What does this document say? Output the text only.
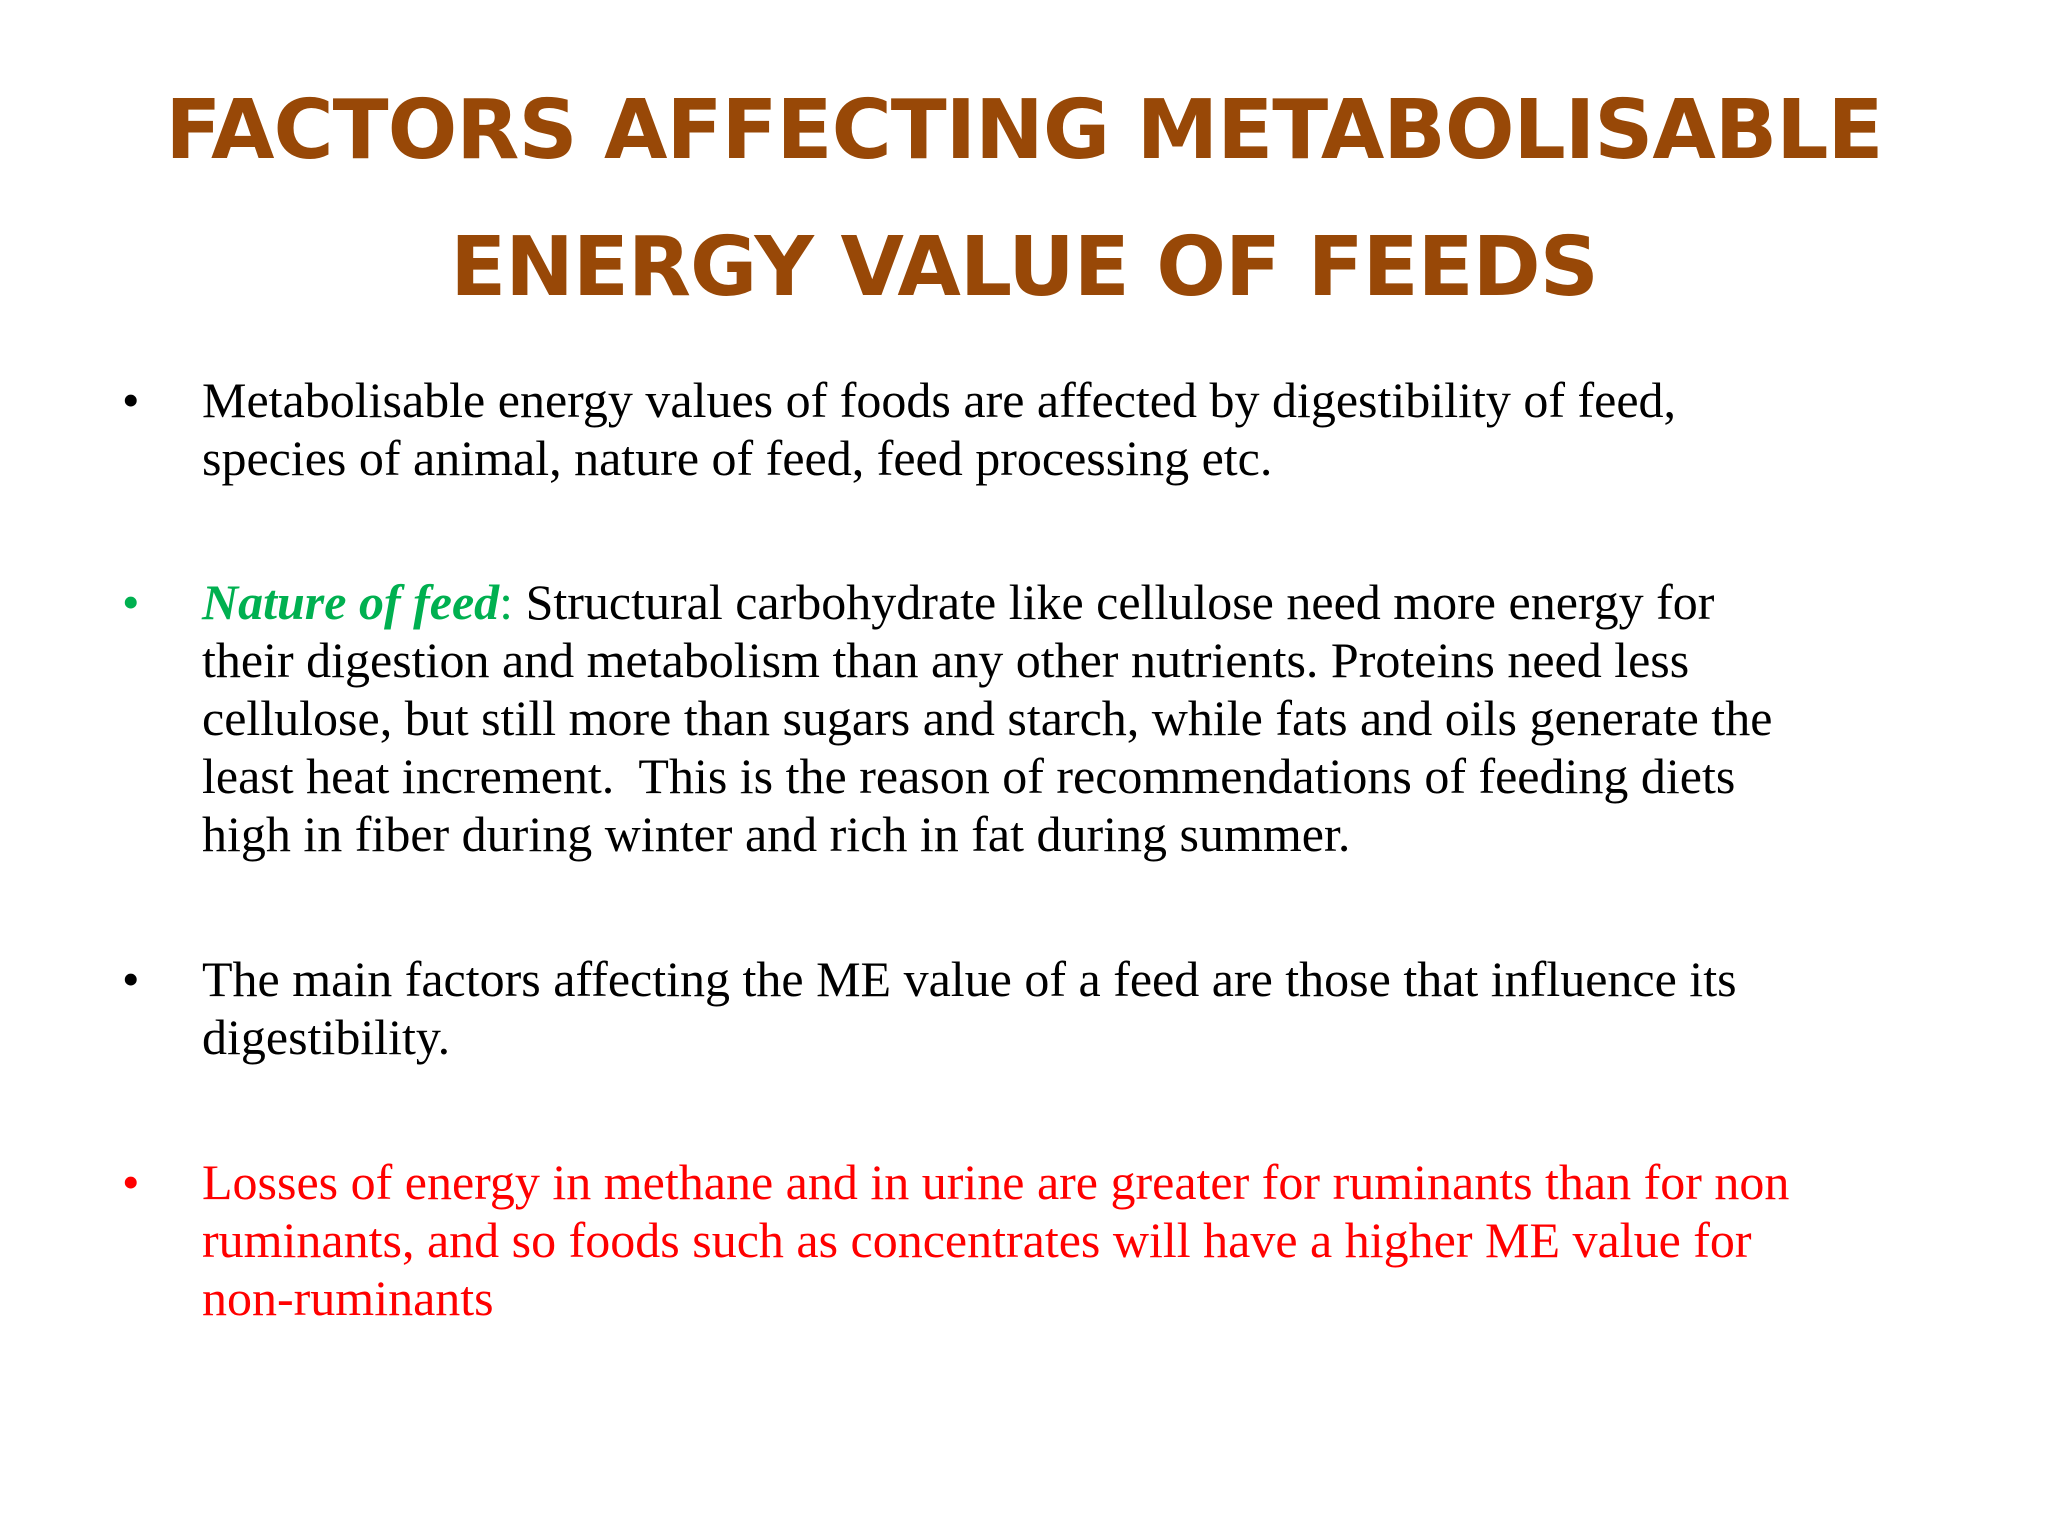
FACTORS AFFECTING METABOLISABLE
ENERGY VALUE OF FEEDS
• Metabolisable energy values of foods are affected by digestibility of feed,
species of animal, nature of feed, feed processing etc.
• Nature of feed: Structural carbohydrate like cellulose need more energy for
their digestion and metabolism than any other nutrients. Proteins need less
cellulose, but still more than sugars and starch, while fats and oils generate the
least heat increment.  This is the reason of recommendations of feeding diets
high in fiber during winter and rich in fat during summer.
• The main factors affecting the ME value of a feed are those that influence its
digestibility.
• Losses of energy in methane and in urine are greater for ruminants than for non
ruminants, and so foods such as concentrates will have a higher ME value for
non-ruminants
